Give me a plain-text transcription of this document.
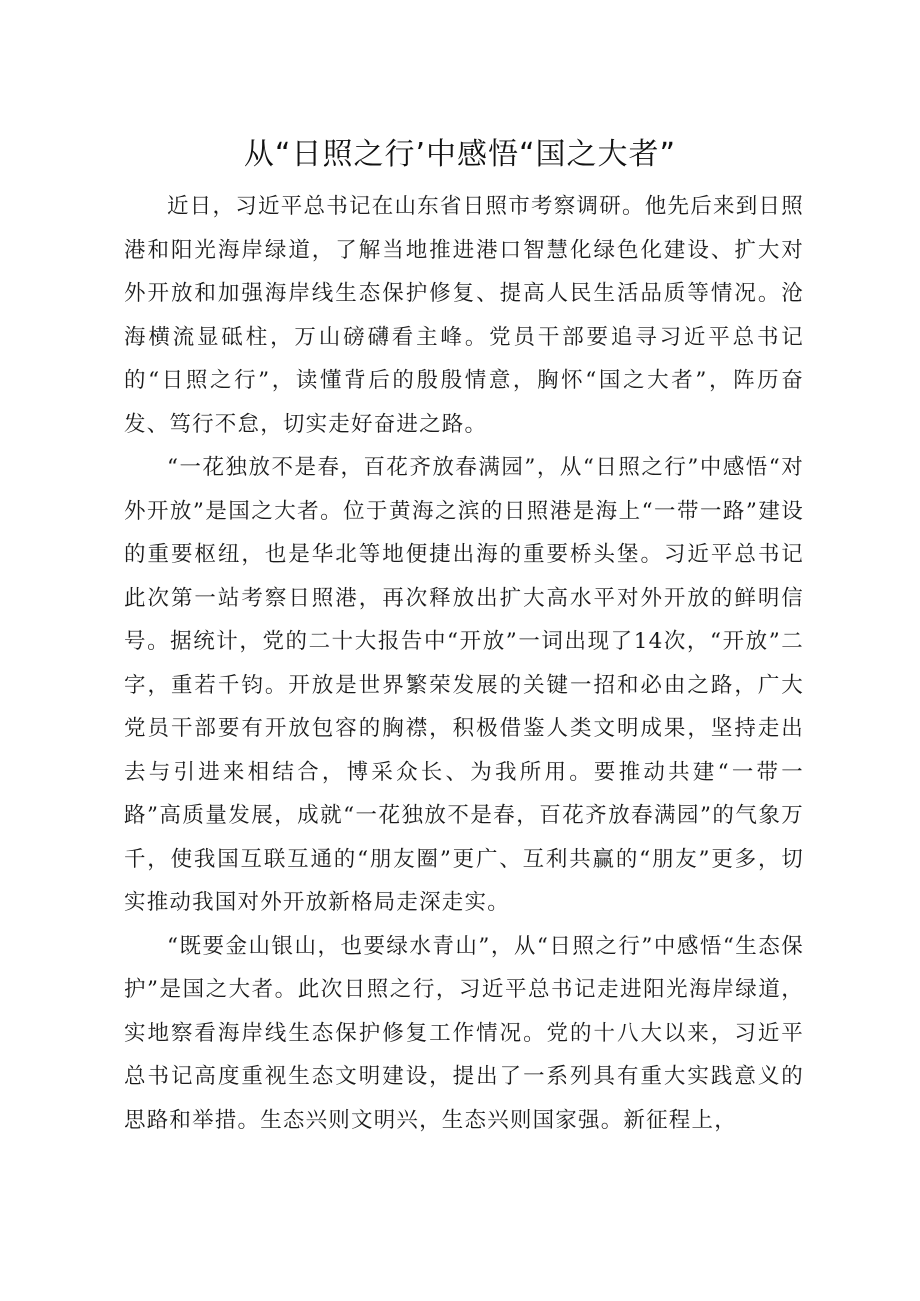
从“日照之行’中感悟“国之大者”

近日，习近平总书记在山东省日照市考察调研。他先后来到日照港和阳光海岸绿道，了解当地推进港口智慧化绿色化建设、扩大对外开放和加强海岸线生态保护修复、提高人民生活品质等情况。沧海横流显砥柱，万山磅礴看主峰。党员干部要追寻习近平总书记的“日照之行”，读懂背后的殷殷情意，胸怀“国之大者”，阵历奋发、笃行不怠，切实走好奋进之路。

“一花独放不是春，百花齐放春满园”，从“日照之行”中感悟“对外开放”是国之大者。位于黄海之滨的日照港是海上“一带一路”建设的重要枢纽，也是华北等地便捷出海的重要桥头堡。习近平总书记此次第一站考察日照港，再次释放出扩大高水平对外开放的鲜明信号。据统计，党的二十大报告中“开放”一词出现了14次，“开放”二字，重若千钧。开放是世界繁荣发展的关键一招和必由之路，广大党员干部要有开放包容的胸襟，积极借鉴人类文明成果，坚持走出去与引进来相结合，博采众长、为我所用。要推动共建“一带一路”高质量发展，成就“一花独放不是春，百花齐放春满园”的气象万千，使我国互联互通的“朋友圈”更广、互利共赢的“朋友”更多，切实推动我国对外开放新格局走深走实。

“既要金山银山，也要绿水青山”，从“日照之行”中感悟“生态保护”是国之大者。此次日照之行，习近平总书记走进阳光海岸绿道，实地察看海岸线生态保护修复工作情况。党的十八大以来，习近平总书记高度重视生态文明建设，提出了一系列具有重大实践意义的思路和举措。生态兴则文明兴，生态兴则国家强。新征程上，
